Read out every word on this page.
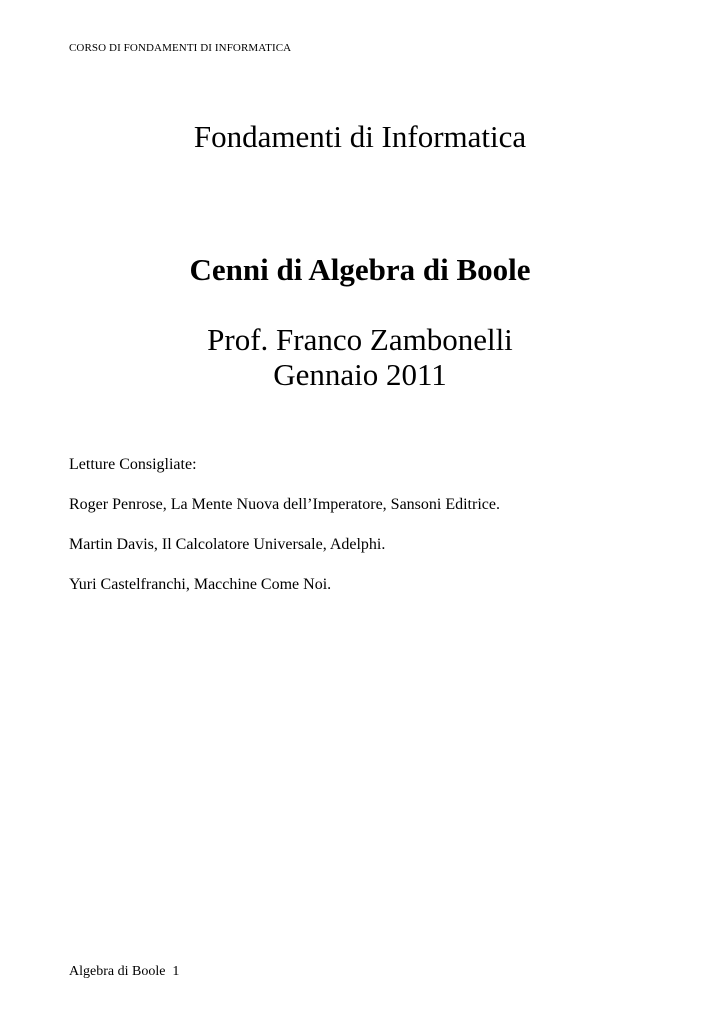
CORSO DI FONDAMENTI DI INFORMATICA
Fondamenti di Informatica
Cenni di Algebra di Boole
Prof. Franco Zambonelli
Gennaio 2011
Letture Consigliate:
Roger Penrose, La Mente Nuova dell’Imperatore, Sansoni Editrice.
Martin Davis, Il Calcolatore Universale, Adelphi.
Yuri Castelfranchi, Macchine Come Noi.
Algebra di Boole  1
